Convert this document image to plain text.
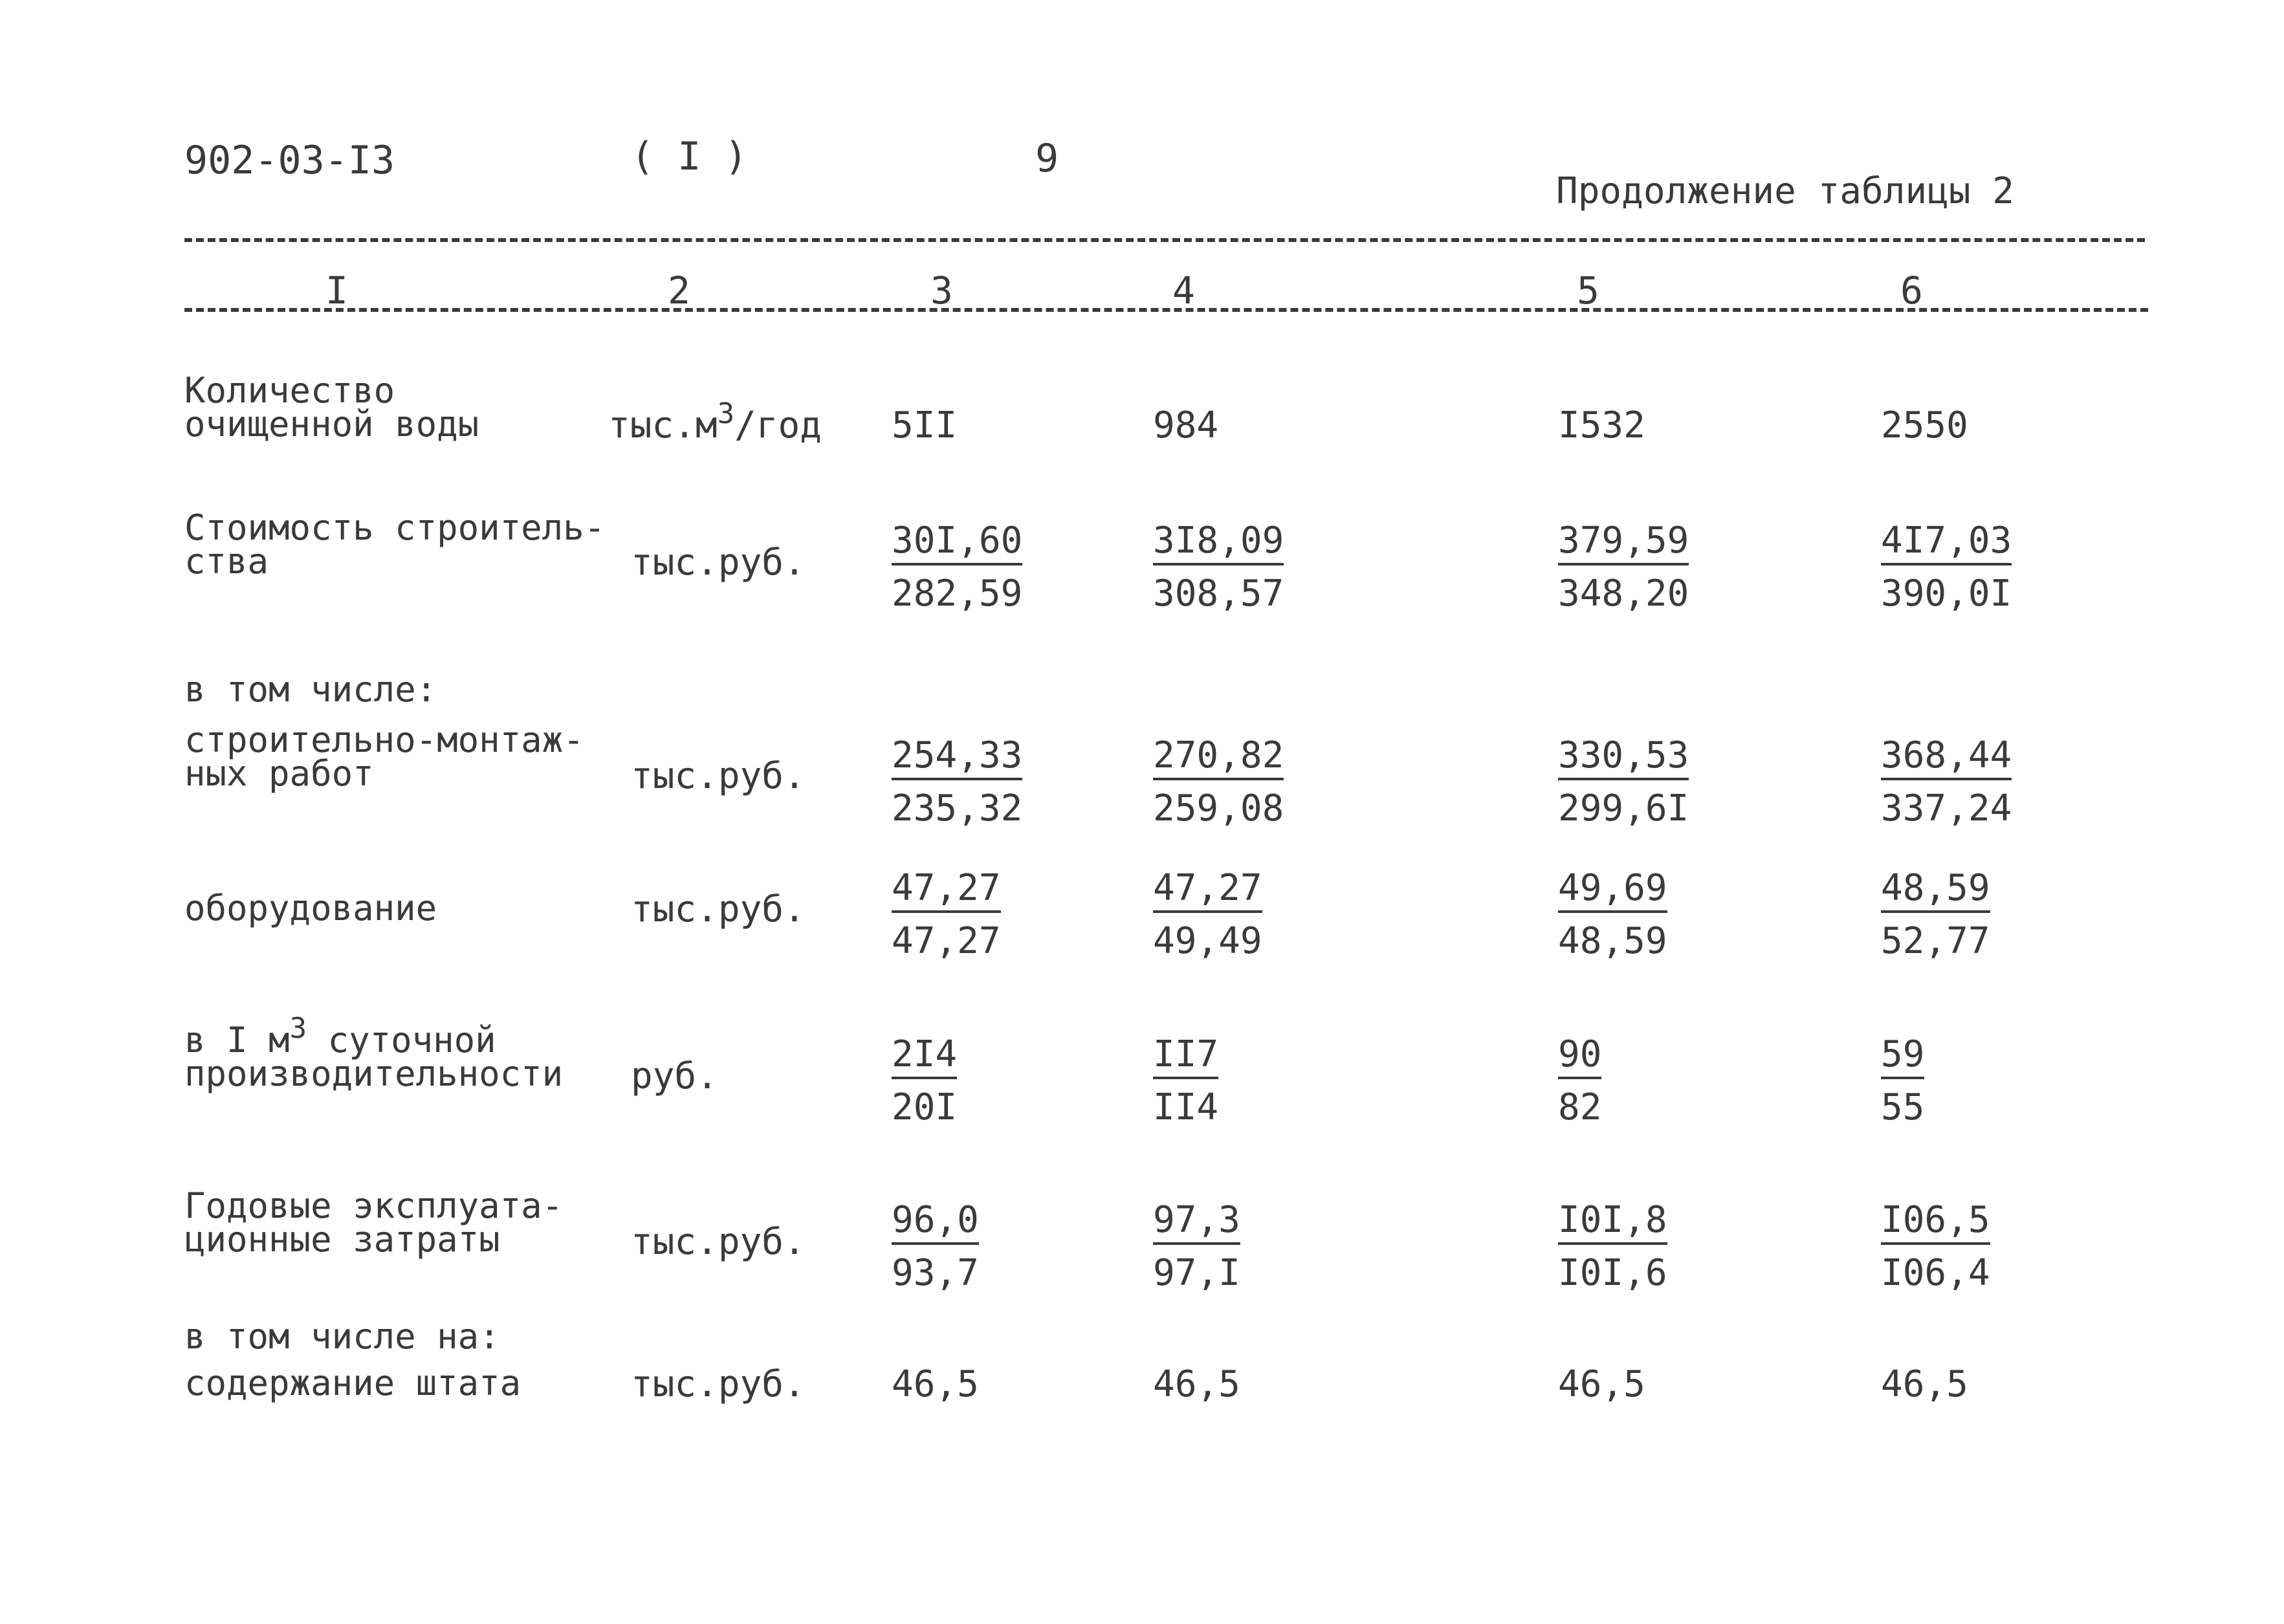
902-03-I3	( I )	9
Продолжение таблицы 2
I	2	3	4	5	6
Количество
очищенной воды	$тыс.м^3$/год 5II	984	I532	2550
Стоимость строитель-
ства	тыс.руб. $\frac{30I,60}{282,59}$	$\frac{3I8,09}{308,57}$	$\frac{379,59}{348,20}$	$\frac{4I7,03}{390,0I}$
в том числе:
строительно-монтаж-
ных работ	тыс.руб. $\frac{254,33}{235,32}$	$\frac{270,82}{259,08}$	$\frac{330,53}{299,6I}$	$\frac{368,44}{337,24}$
оборудование	тыс.руб. $\frac{47,27}{47,27}$	$\frac{47,27}{49,49}$	$\frac{49,69}{48,59}$	$\frac{48,59}{52,77}$
в I $м^3$ суточной
производительности руб.	$\frac{2I4}{20I}$	$\frac{II7}{II4}$	$\frac{90}{82}$	$\frac{59}{55}$
Годовые эксплуата-
ционные затраты	тыс.руб. $\frac{96,0}{93,7}$	$\frac{97,3}{97,I}$	$\frac{I0I,8}{I0I,6}$	$\frac{I06,5}{I06,4}$
в том числе на:
содержание штата	тыс.руб. 46,5	46,5	46,5	46,5
